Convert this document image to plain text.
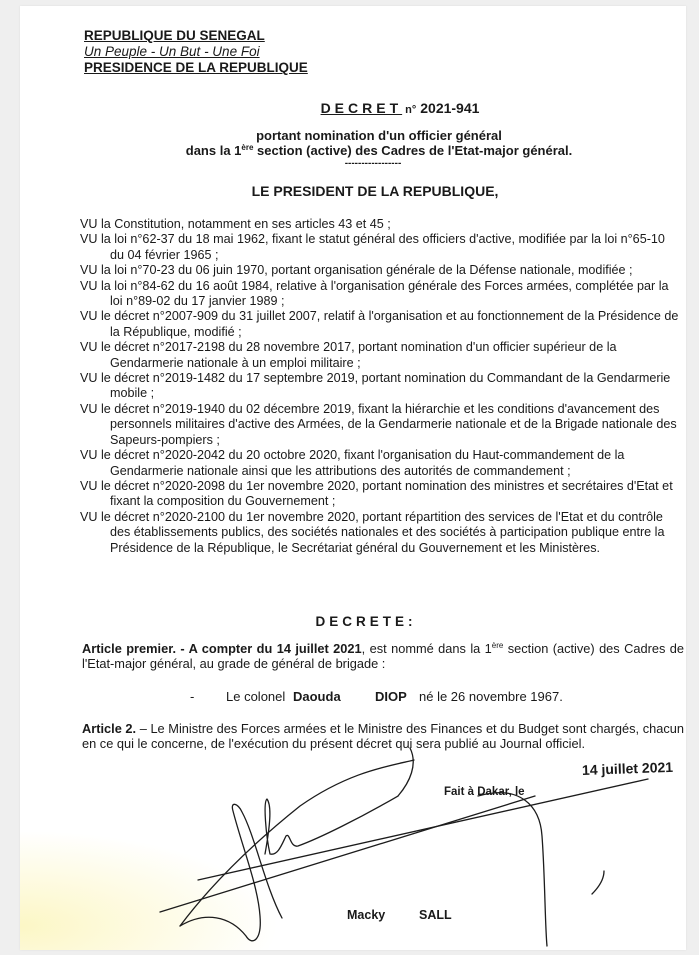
REPUBLIQUE DU SENEGAL
Un Peuple - Un But - Une Foi
PRESIDENCE DE LA REPUBLIQUE
DECRET n° 2021-941
portant nomination d'un officier général
dans la 1ère section (active) des Cadres de l'Etat-major général.
-----------------
LE PRESIDENT DE LA REPUBLIQUE,

VU la Constitution, notamment en ses articles 43 et 45 ;

VU la loi n°62-37 du 18 mai 1962, fixant le statut général des officiers d'active, modifiée par la loi n°65-10 du 04 février 1965 ;

VU la loi n°70-23 du 06 juin 1970, portant organisation générale de la Défense nationale, modifiée ;

VU la loi n°84-62 du 16 août 1984, relative à l'organisation générale des Forces armées, complétée par la loi n°89-02 du 17 janvier 1989 ;

VU le décret n°2007-909 du 31 juillet 2007, relatif à l'organisation et au fonctionnement de la Présidence de la République, modifié ;

VU le décret n°2017-2198 du 28 novembre 2017, portant nomination d'un officier supérieur de la Gendarmerie nationale à un emploi militaire ;

VU le décret n°2019-1482 du 17 septembre 2019, portant nomination du Commandant de la Gendarmerie mobile ;

VU le décret n°2019-1940 du 02 décembre 2019, fixant la hiérarchie et les conditions d'avancement des personnels militaires d'active des Armées, de la Gendarmerie nationale et de la Brigade nationale des Sapeurs-pompiers ;

VU le décret n°2020-2042 du 20 octobre 2020, fixant l'organisation du Haut-commandement de la Gendarmerie nationale ainsi que les attributions des autorités de commandement ;

VU le décret n°2020-2098 du 1er novembre 2020, portant nomination des ministres et secrétaires d'Etat et fixant la composition du Gouvernement ;

VU le décret n°2020-2100 du 1er novembre 2020, portant répartition des services de l'Etat et du contrôle des établissements publics, des sociétés nationales et des sociétés à participation publique entre la Présidence de la République, le Secrétariat général du Gouvernement et les Ministères.

DECRETE:
Article premier. - A compter du 14 juillet 2021, est nommé dans la 1ère section (active) des Cadres de l'Etat-major général, au grade de général de brigade :
- Le colonel Daouda	DIOP né le 26 novembre 1967.
Article 2. – Le Ministre des Forces armées et le Ministre des Finances et du Budget sont chargés, chacun en ce qui le concerne, de l'exécution du présent décret qui sera publié au Journal officiel.
14 juillet 2021
Fait à Dakar, le
Macky	SALL
